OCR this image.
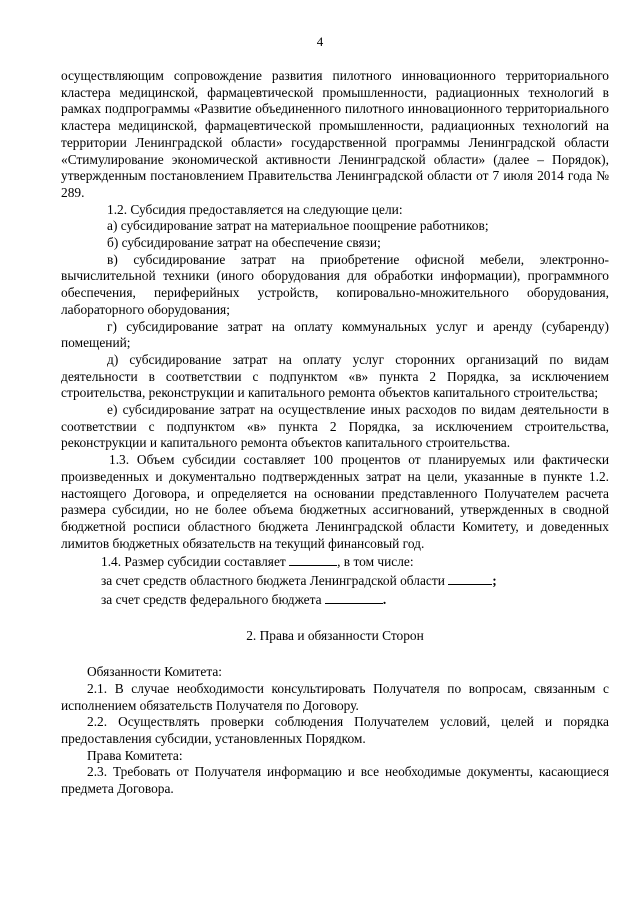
4

осуществляющим сопровождение развития пилотного инновационного территориального кластера медицинской, фармацевтической промышленности, радиационных технологий в рамках подпрограммы «Развитие объединенного пилотного инновационного территориального кластера медицинской, фармацевтической промышленности, радиационных технологий на территории Ленинградской области» государственной программы Ленинградской области «Стимулирование экономической активности Ленинградской области» (далее – Порядок), утвержденным постановлением Правительства Ленинградской области от 7 июля 2014 года № 289.

1.2. Субсидия предоставляется на следующие цели:

а) субсидирование затрат на материальное поощрение работников;

б) субсидирование затрат на обеспечение связи;

в) субсидирование затрат на приобретение офисной мебели, электронно-вычислительной техники (иного оборудования для обработки информации), программного обеспечения, периферийных устройств, копировально-множительного оборудования, лабораторного оборудования;

г) субсидирование затрат на оплату коммунальных услуг и аренду (субаренду) помещений;

д) субсидирование затрат на оплату услуг сторонних организаций по видам деятельности в соответствии с подпунктом «в» пункта 2 Порядка, за исключением строительства, реконструкции и капитального ремонта объектов капитального строительства;

е) субсидирование затрат на осуществление иных расходов по видам деятельности в соответствии с подпунктом «в» пункта 2 Порядка, за исключением строительства, реконструкции и капитального ремонта объектов капитального строительства.

1.3. Объем субсидии составляет 100 процентов от планируемых или фактически произведенных и документально подтвержденных затрат на цели, указанные в пункте 1.2. настоящего Договора, и определяется на основании представленного Получателем расчета размера субсидии, но не более объема бюджетных ассигнований, утвержденных в сводной бюджетной росписи областного бюджета Ленинградской области Комитету, и доведенных лимитов бюджетных обязательств на текущий финансовый год.

1.4. Размер субсидии составляет	, в том числе:

за счет средств областного бюджета Ленинградской области	;

за счет средств федерального бюджета	.

2. Права и обязанности Сторон

Обязанности Комитета:

2.1. В случае необходимости консультировать Получателя по вопросам, связанным с исполнением обязательств Получателя по Договору.

2.2. Осуществлять проверки соблюдения Получателем условий, целей и порядка предоставления субсидии, установленных Порядком.

Права Комитета:

2.3. Требовать от Получателя информацию и все необходимые документы, касающиеся предмета Договора.
